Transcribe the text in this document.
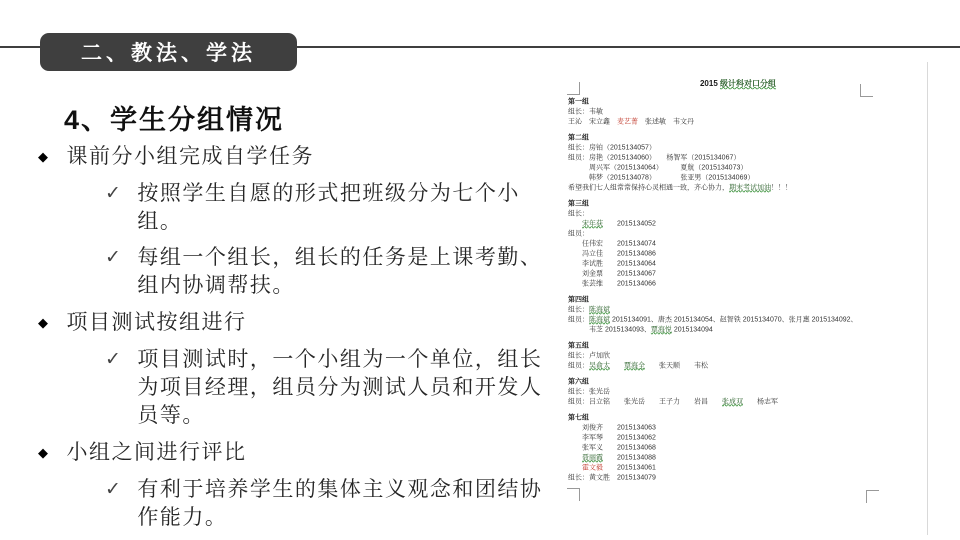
二、教法、学法
4、学生分组情况
◆ 课前分小组完成自学任务
✓ 按照学生自愿的形式把班级分为七个小组。
✓ 每组一个组长，组长的任务是上课考勤、组内协调帮扶。
◆ 项目测试按组进行
✓ 项目测试时，一个小组为一个单位，组长为项目经理，组员分为测试人员和开发人员等。
◆ 小组之间进行评比
✓ 有利于培养学生的集体主义观念和团结协作能力。
2015 级计科对口分组
第一组
组长：韦敏
王沁　宋立鑫　麦艺菁　张述敏　韦文丹
第二组
组长：房铂（2015134057）
组员：房艳（2015134060）　　杨智军（2015134067）
　　　周兴军（2015134064）　　　夏航（2015134073）
　　　韩梦（2015134078）　　　　张亚男（2015134069）
希望我们七人组常常保持心灵相通一致，齐心协力，期末考试加油！！！
第三组
组长：
　　宋年获　　2015134052
组员：
　　任伟宏　　2015134074
　　冯立佳　　2015134086
　　李试胜　　2015134064
　　刘金票　　2015134067
　　张芸维　　2015134066
第四组
组长：陈海斌
组员：陈海斌 2015134091、唐杰 2015134054、赵智铁 2015134070、张月惠 2015134092、
　　　韦芝 2015134093、覃海悦 2015134094
第五组
组长：卢加欣
组员：吴俞太　　 覃海全　　张天顺　　韦松
第六组
组长：张光岳
组员：吕立铭　　张光岳　　王子力　　岩昌　　张成双　　杨志军
第七组
　　刘俊齐　　2015134063
　　李军琴　　2015134062
　　张军义　　2015134068
　　聂丽霞　　2015134088
　　霍文毅　　2015134061
组长：黄文胜　2015134079
